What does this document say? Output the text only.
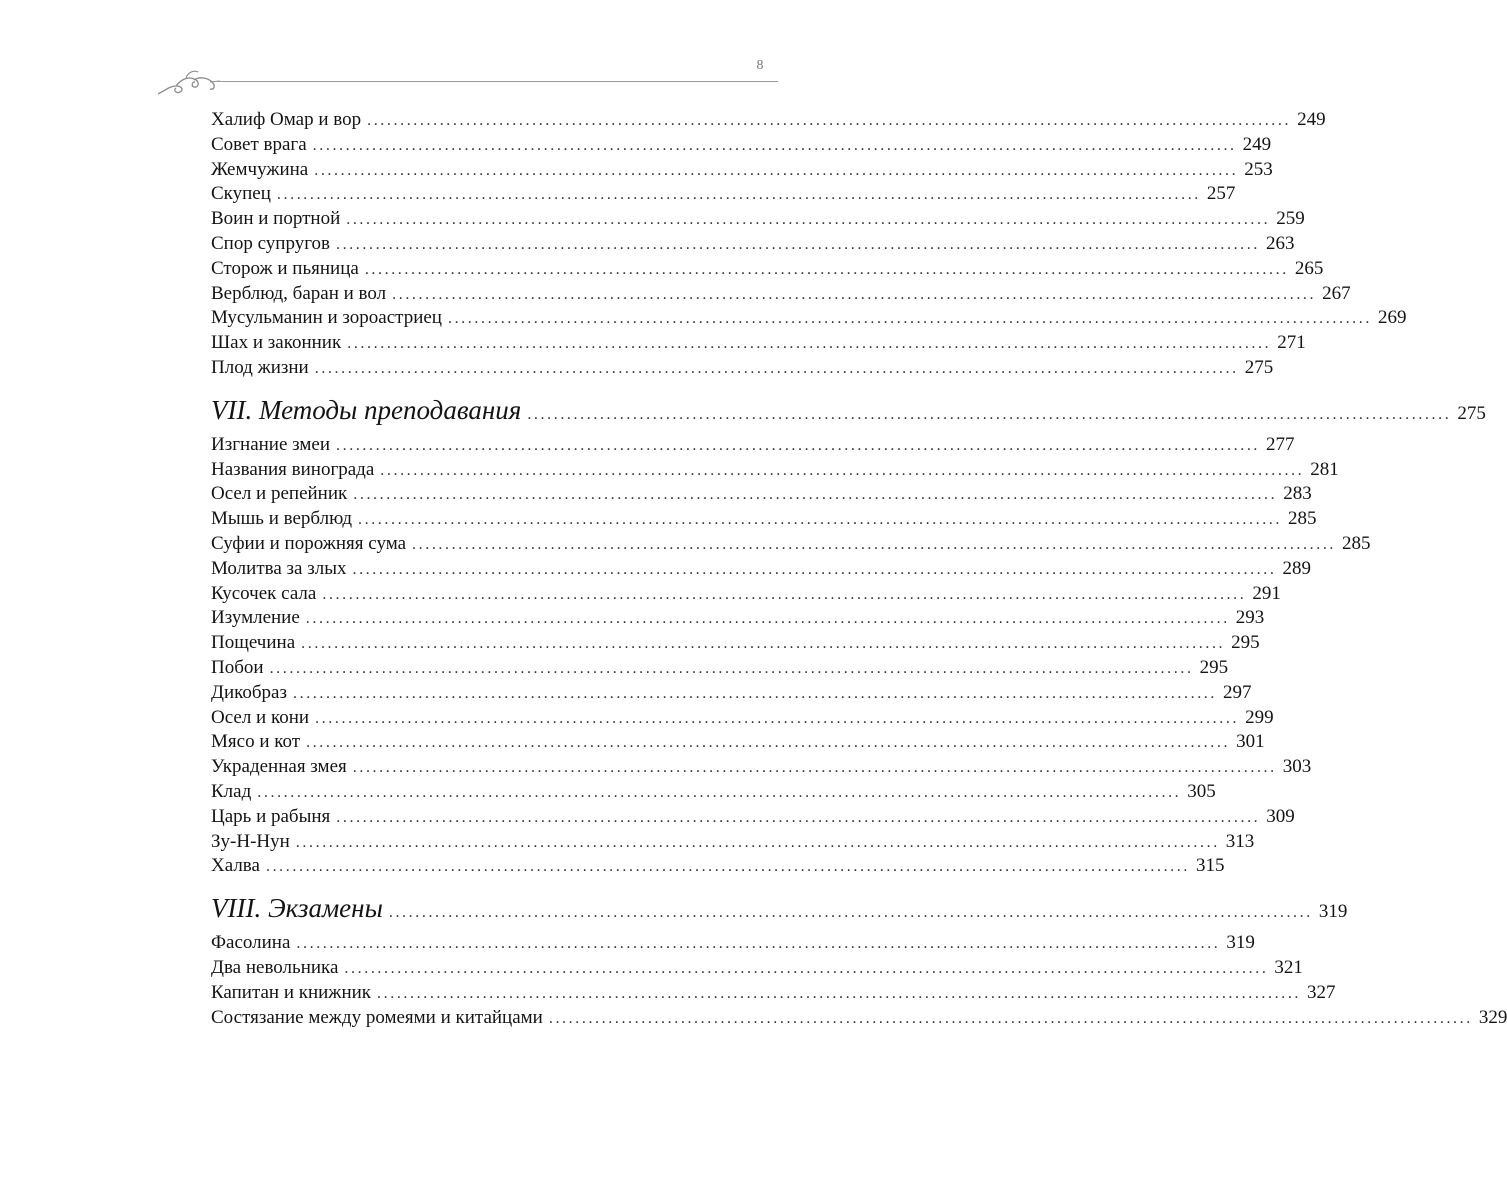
8
Халиф Омар и вор ............................................................................................................................................ 249
Совет врага ............................................................................................................................................ 249
Жемчужина ............................................................................................................................................ 253
Скупец ............................................................................................................................................ 257
Воин и портной ............................................................................................................................................ 259
Спор супругов ............................................................................................................................................ 263
Сторож и пьяница ............................................................................................................................................ 265
Верблюд, баран и вол ............................................................................................................................................ 267
Мусульманин и зороастриец ............................................................................................................................................ 269
Шах и законник ............................................................................................................................................ 271
Плод жизни ............................................................................................................................................ 275
VII. Методы преподавания ............................................................................................................................................ 275
Изгнание змеи ............................................................................................................................................ 277
Названия винограда ............................................................................................................................................ 281
Осел и репейник ............................................................................................................................................ 283
Мышь и верблюд ............................................................................................................................................ 285
Суфии и порожняя сума ............................................................................................................................................ 285
Молитва за злых ............................................................................................................................................ 289
Кусочек сала ............................................................................................................................................ 291
Изумление ............................................................................................................................................ 293
Пощечина ............................................................................................................................................ 295
Побои ............................................................................................................................................ 295
Дикобраз ............................................................................................................................................ 297
Осел и кони ............................................................................................................................................ 299
Мясо и кот ............................................................................................................................................ 301
Украденная змея ............................................................................................................................................ 303
Клад ............................................................................................................................................ 305
Царь и рабыня ............................................................................................................................................ 309
Зу-Н-Нун ............................................................................................................................................ 313
Халва ............................................................................................................................................ 315
VIII. Экзамены ............................................................................................................................................ 319
Фасолина ............................................................................................................................................ 319
Два невольника ............................................................................................................................................ 321
Капитан и книжник ............................................................................................................................................ 327
Состязание между ромеями и китайцами ............................................................................................................................................ 329
